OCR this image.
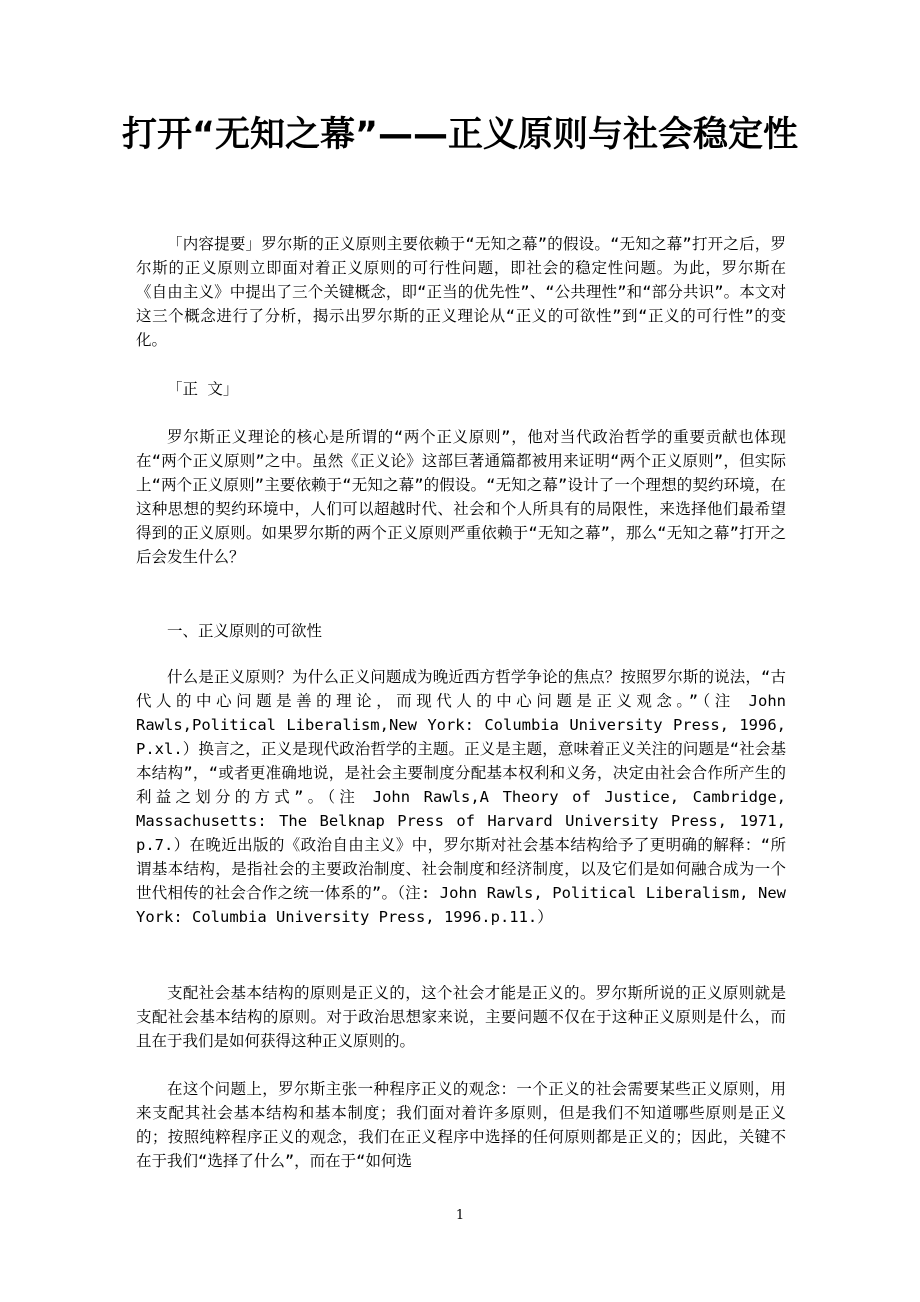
打开“无知之幕”——正义原则与社会稳定性

「内容提要」罗尔斯的正义原则主要依赖于“无知之幕”的假设。“无知之幕”打开之后，罗尔斯的正义原则立即面对着正义原则的可行性问题，即社会的稳定性问题。为此，罗尔斯在《自由主义》中提出了三个关键概念，即“正当的优先性”、“公共理性”和“部分共识”。本文对这三个概念进行了分析，揭示出罗尔斯的正义理论从“正义的可欲性”到“正义的可行性”的变化。

「正 文」

罗尔斯正义理论的核心是所谓的“两个正义原则”，他对当代政治哲学的重要贡献也体现在“两个正义原则”之中。虽然《正义论》这部巨著通篇都被用来证明“两个正义原则”，但实际上“两个正义原则”主要依赖于“无知之幕”的假设。“无知之幕”设计了一个理想的契约环境，在这种思想的契约环境中，人们可以超越时代、社会和个人所具有的局限性，来选择他们最希望得到的正义原则。如果罗尔斯的两个正义原则严重依赖于“无知之幕”，那么“无知之幕”打开之后会发生什么？

一、正义原则的可欲性

什么是正义原则？为什么正义问题成为晚近西方哲学争论的焦点？按照罗尔斯的说法，“古代人的中心问题是善的理论，而现代人的中心问题是正义观念。”（注 John Rawls,Political Liberalism,New York: Columbia University Press, 1996, P.xl.）换言之，正义是现代政治哲学的主题。正义是主题，意味着正义关注的问题是“社会基本结构”，“或者更准确地说，是社会主要制度分配基本权利和义务，决定由社会合作所产生的利益之划分的方式”。（注 John Rawls,A Theory of Justice, Cambridge, Massachusetts: The Belknap Press of Harvard University Press, 1971, p.7.）在晚近出版的《政治自由主义》中，罗尔斯对社会基本结构给予了更明确的解释：“所谓基本结构，是指社会的主要政治制度、社会制度和经济制度，以及它们是如何融合成为一个世代相传的社会合作之统一体系的”。（注: John Rawls, Political Liberalism, New York: Columbia University Press, 1996.p.11.）

支配社会基本结构的原则是正义的，这个社会才能是正义的。罗尔斯所说的正义原则就是支配社会基本结构的原则。对于政治思想家来说，主要问题不仅在于这种正义原则是什么，而且在于我们是如何获得这种正义原则的。

在这个问题上，罗尔斯主张一种程序正义的观念：一个正义的社会需要某些正义原则，用来支配其社会基本结构和基本制度；我们面对着许多原则，但是我们不知道哪些原则是正义的；按照纯粹程序正义的观念，我们在正义程序中选择的任何原则都是正义的；因此，关键不在于我们“选择了什么”，而在于“如何选

1
